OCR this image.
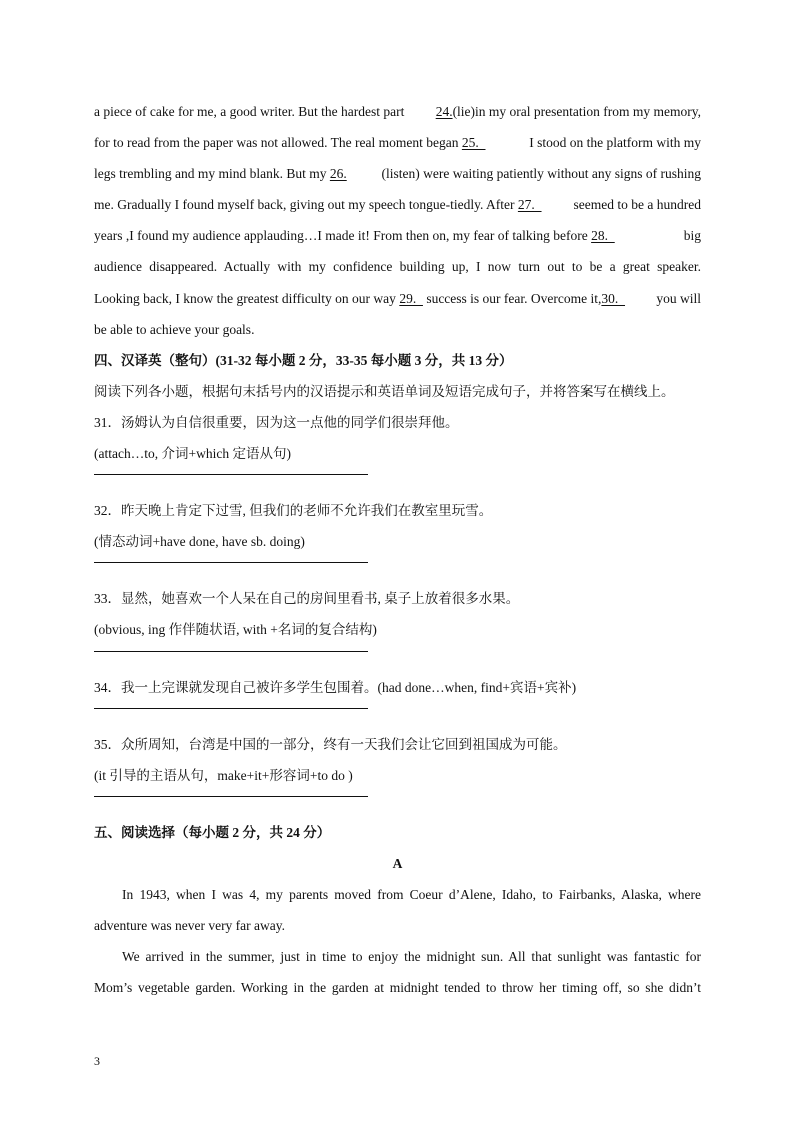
a piece of cake for me, a good writer. But the hardest part 24.(lie)in my oral presentation from my memory,
for to read from the paper was not allowed. The real moment began 25.	I stood on the platform with my
legs trembling and my mind blank. But my 26. (listen) were waiting patiently without any signs of rushing
me. Gradually I found myself back, giving out my speech tongue-tiedly. After 27. seemed to be a hundred
years ,I found my audience applauding…I made it! From then on, my fear of talking before 28.	big
audience disappeared. Actually with my confidence building up, I now turn out to be a great speaker.
Looking back, I know the greatest difficulty on our way 29.   success is our fear. Overcome it,30. you will
be able to achieve your goals.
四、汉译英（整句）(31-32 每小题 2 分，33-35 每小题 3 分，共 13 分）
阅读下列各小题，根据句末括号内的汉语提示和英语单词及短语完成句子，并将答案写在横线上。
31．汤姆认为自信很重要，因为这一点他的同学们很崇拜他。
(attach…to, 介词+which 定语从句)
32．昨天晚上肯定下过雪, 但我们的老师不允许我们在教室里玩雪。
(情态动词+have done, have sb. doing)
33．显然，她喜欢一个人呆在自己的房间里看书, 桌子上放着很多水果。
(obvious, ing 作伴随状语, with +名词的复合结构)
34．我一上完课就发现自己被许多学生包围着。(had done…when, find+宾语+宾补)
35．众所周知，台湾是中国的一部分，终有一天我们会让它回到祖国成为可能。
(it 引导的主语从句，make+it+形容词+to do )
五、阅读选择（每小题 2 分，共 24 分）
A
In 1943, when I was 4, my parents moved from Coeur d’Alene, Idaho, to Fairbanks, Alaska, where
adventure was never very far away.
We arrived in the summer, just in time to enjoy the midnight sun. All that sunlight was fantastic for
Mom’s vegetable garden. Working in the garden at midnight tended to throw her timing off, so she didn’t
3
